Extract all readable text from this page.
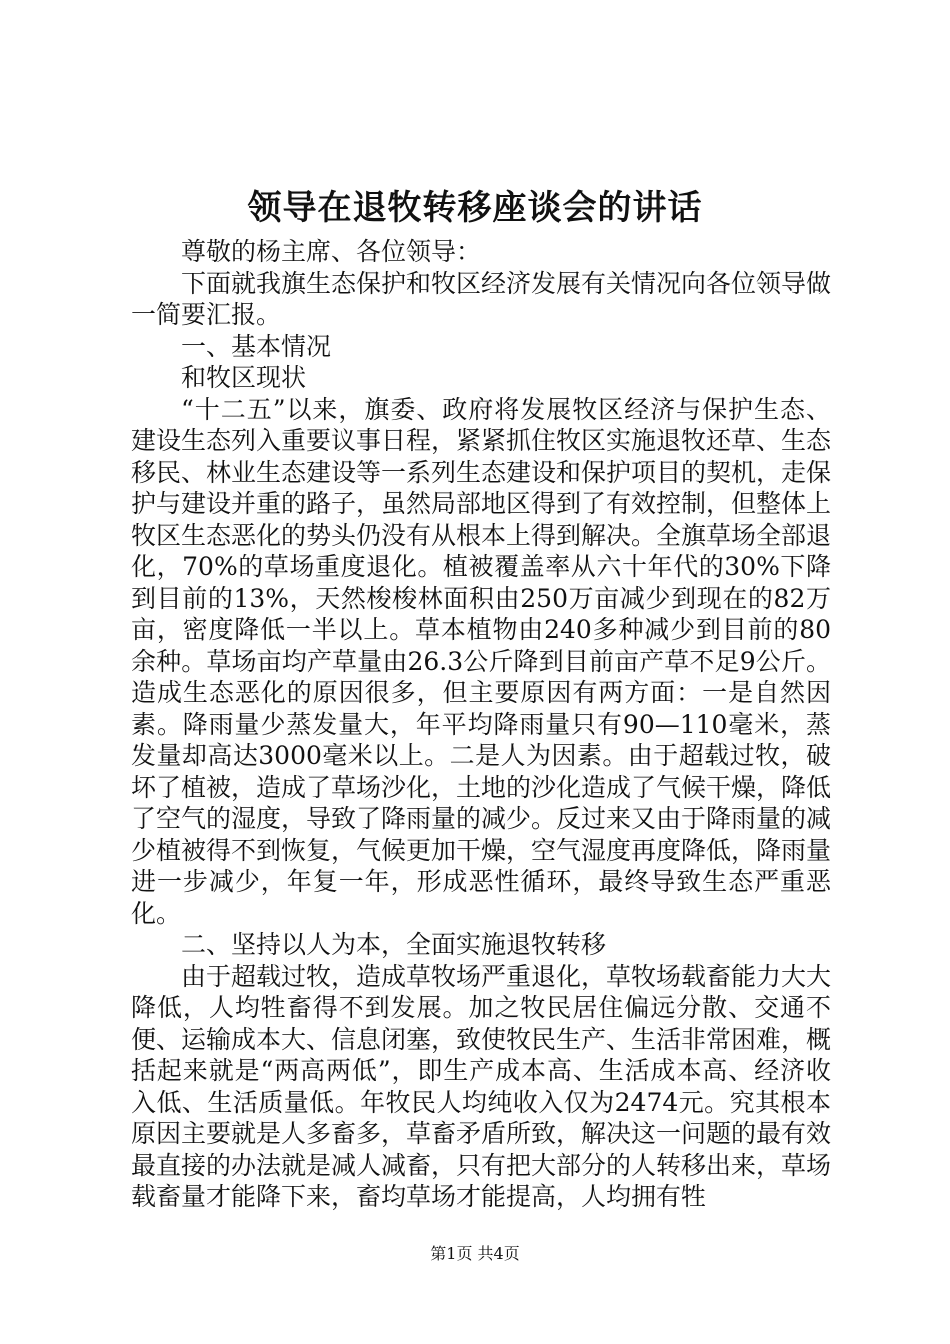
领导在退牧转移座谈会的讲话

尊敬的杨主席、各位领导：

下面就我旗生态保护和牧区经济发展有关情况向各位领导做一简要汇报。

一、基本情况

和牧区现状

“十二五”以来，旗委、政府将发展牧区经济与保护生态、建设生态列入重要议事日程，紧紧抓住牧区实施退牧还草、生态移民、林业生态建设等一系列生态建设和保护项目的契机，走保护与建设并重的路子，虽然局部地区得到了有效控制，但整体上牧区生态恶化的势头仍没有从根本上得到解决。全旗草场全部退化，70%的草场重度退化。植被覆盖率从六十年代的30%下降到目前的13%，天然梭梭林面积由250万亩减少到现在的82万亩，密度降低一半以上。草本植物由240多种减少到目前的80余种。草场亩均产草量由26.3公斤降到目前亩产草不足9公斤。造成生态恶化的原因很多，但主要原因有两方面：一是自然因素。降雨量少蒸发量大，年平均降雨量只有90—110毫米，蒸发量却高达3000毫米以上。二是人为因素。由于超载过牧，破坏了植被，造成了草场沙化，土地的沙化造成了气候干燥，降低了空气的湿度，导致了降雨量的减少。反过来又由于降雨量的减少植被得不到恢复，气候更加干燥，空气湿度再度降低，降雨量进一步减少，年复一年，形成恶性循环，最终导致生态严重恶化。

二、坚持以人为本，全面实施退牧转移

由于超载过牧，造成草牧场严重退化，草牧场载畜能力大大降低，人均牲畜得不到发展。加之牧民居住偏远分散、交通不便、运输成本大、信息闭塞，致使牧民生产、生活非常困难，概括起来就是“两高两低”，即生产成本高、生活成本高、经济收入低、生活质量低。年牧民人均纯收入仅为2474元。究其根本原因主要就是人多畜多，草畜矛盾所致，解决这一问题的最有效最直接的办法就是减人减畜，只有把大部分的人转移出来，草场载畜量才能降下来，畜均草场才能提高，人均拥有牲

第1页 共4页
